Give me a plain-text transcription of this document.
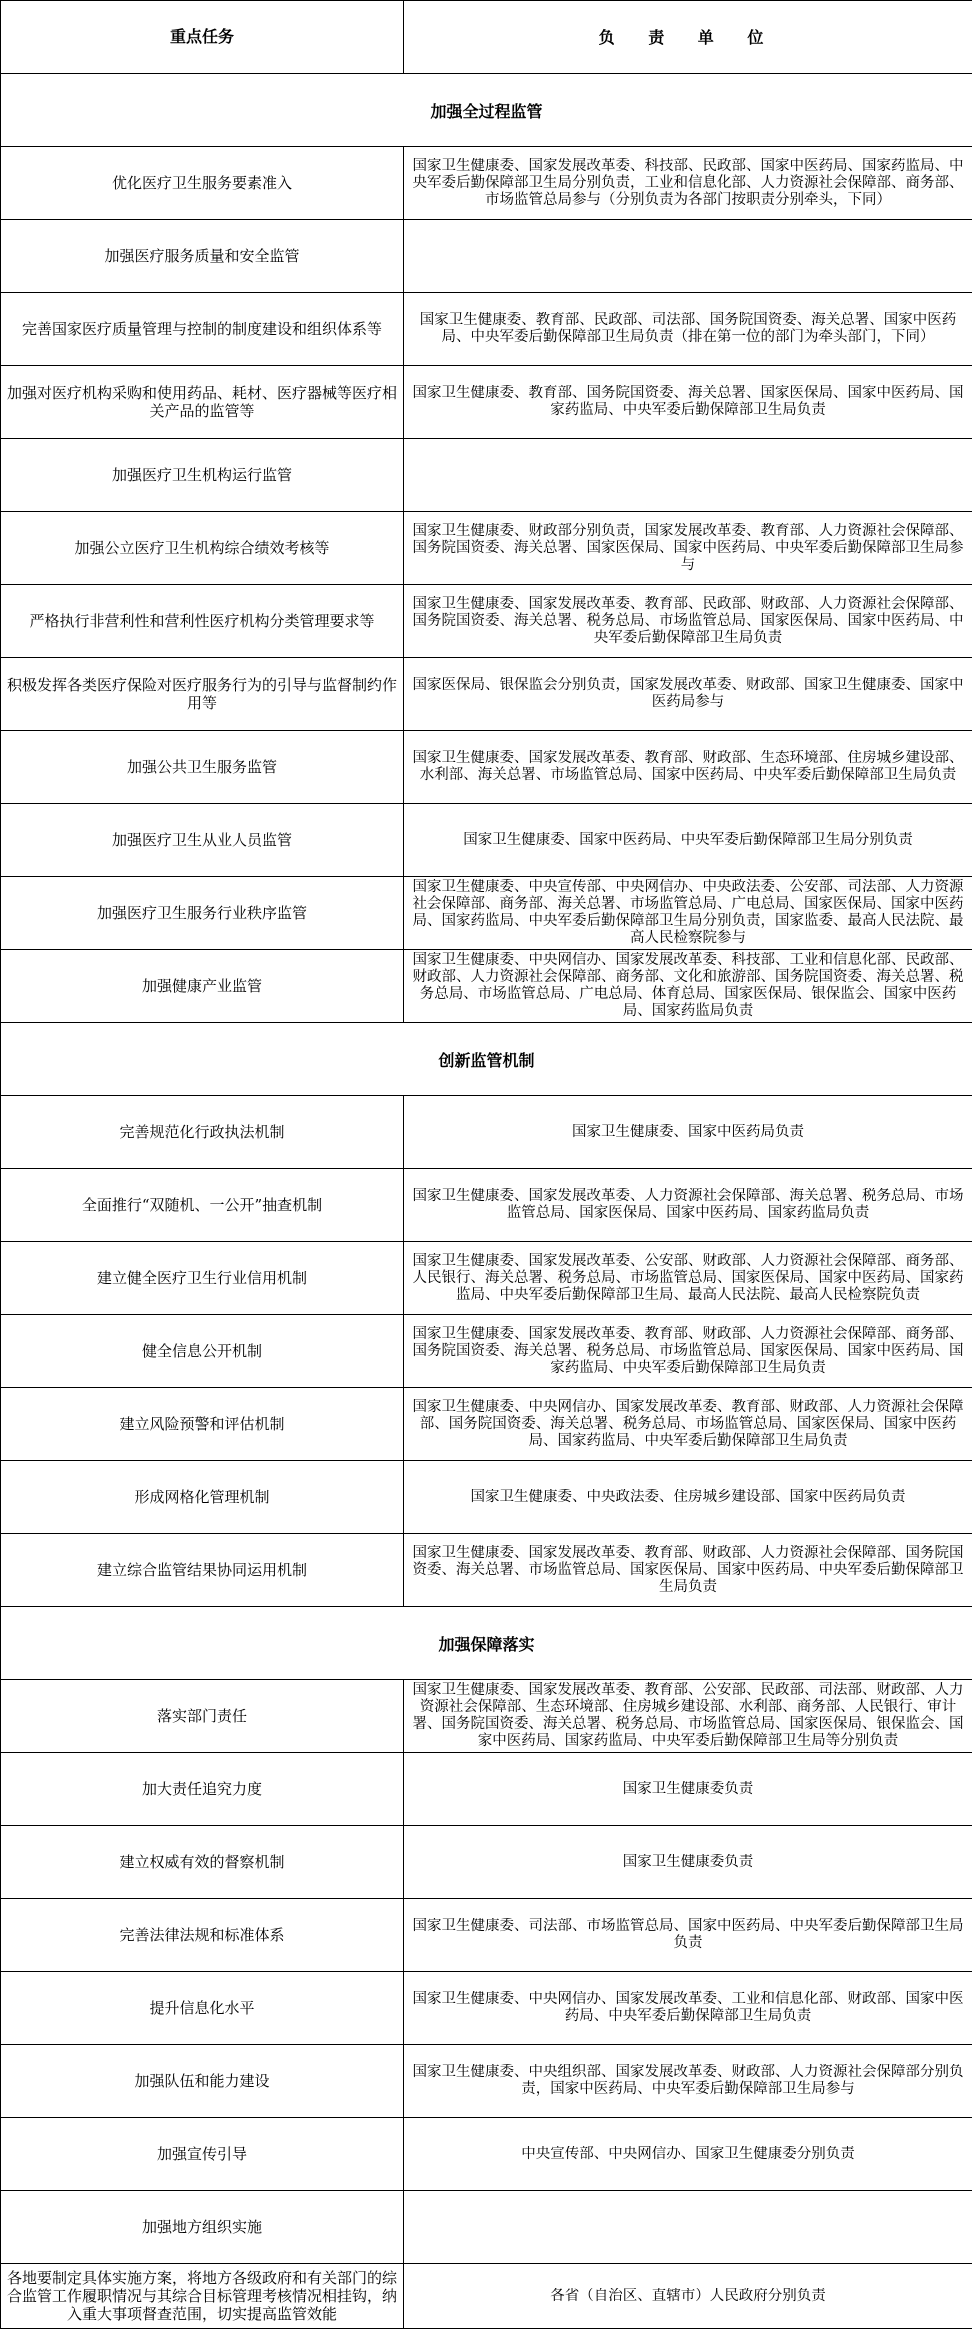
重点任务	负 责 单 位
加强全过程监管	
优化医疗卫生服务要素准入	国家卫生健康委、国家发展改革委、科技部、民政部、国家中医药局、国家药监局、中央军委后勤保障部卫生局分别负责，工业和信息化部、人力资源社会保障部、商务部、市场监管总局参与（分别负责为各部门按职责分别牵头，下同）

加强医疗服务质量和安全监管	

完善国家医疗质量管理与控制的制度建设和组织体系等	国家卫生健康委、教育部、民政部、司法部、国务院国资委、海关总署、国家中医药局、中央军委后勤保障部卫生局负责（排在第一位的部门为牵头部门，下同）

加强对医疗机构采购和使用药品、耗材、医疗器械等医疗相关产品的监管等	国家卫生健康委、教育部、国务院国资委、海关总署、国家医保局、国家中医药局、国家药监局、中央军委后勤保障部卫生局负责

加强医疗卫生机构运行监管	

加强公立医疗卫生机构综合绩效考核等	国家卫生健康委、财政部分别负责，国家发展改革委、教育部、人力资源社会保障部、国务院国资委、海关总署、国家医保局、国家中医药局、中央军委后勤保障部卫生局参与

严格执行非营利性和营利性医疗机构分类管理要求等	国家卫生健康委、国家发展改革委、教育部、民政部、财政部、人力资源社会保障部、国务院国资委、海关总署、税务总局、市场监管总局、国家医保局、国家中医药局、中央军委后勤保障部卫生局负责

积极发挥各类医疗保险对医疗服务行为的引导与监督制约作用等	国家医保局、银保监会分别负责，国家发展改革委、财政部、国家卫生健康委、国家中医药局参与

加强公共卫生服务监管	国家卫生健康委、国家发展改革委、教育部、财政部、生态环境部、住房城乡建设部、水利部、海关总署、市场监管总局、国家中医药局、中央军委后勤保障部卫生局负责

加强医疗卫生从业人员监管	国家卫生健康委、国家中医药局、中央军委后勤保障部卫生局分别负责

加强医疗卫生服务行业秩序监管	国家卫生健康委、中央宣传部、中央网信办、中央政法委、公安部、司法部、人力资源社会保障部、商务部、海关总署、市场监管总局、广电总局、国家医保局、国家中医药局、国家药监局、中央军委后勤保障部卫生局分别负责，国家监委、最高人民法院、最高人民检察院参与

加强健康产业监管	国家卫生健康委、中央网信办、国家发展改革委、科技部、工业和信息化部、民政部、财政部、人力资源社会保障部、商务部、文化和旅游部、国务院国资委、海关总署、税务总局、市场监管总局、广电总局、体育总局、国家医保局、银保监会、国家中医药局、国家药监局负责

创新监管机制	
完善规范化行政执法机制	国家卫生健康委、国家中医药局负责

全面推行“双随机、一公开”抽查机制	国家卫生健康委、国家发展改革委、人力资源社会保障部、海关总署、税务总局、市场监管总局、国家医保局、国家中医药局、国家药监局负责

建立健全医疗卫生行业信用机制	国家卫生健康委、国家发展改革委、公安部、财政部、人力资源社会保障部、商务部、人民银行、海关总署、税务总局、市场监管总局、国家医保局、国家中医药局、国家药监局、中央军委后勤保障部卫生局、最高人民法院、最高人民检察院负责

健全信息公开机制	国家卫生健康委、国家发展改革委、教育部、财政部、人力资源社会保障部、商务部、国务院国资委、海关总署、税务总局、市场监管总局、国家医保局、国家中医药局、国家药监局、中央军委后勤保障部卫生局负责

建立风险预警和评估机制	国家卫生健康委、中央网信办、国家发展改革委、教育部、财政部、人力资源社会保障部、国务院国资委、海关总署、税务总局、市场监管总局、国家医保局、国家中医药局、国家药监局、中央军委后勤保障部卫生局负责

形成网格化管理机制	国家卫生健康委、中央政法委、住房城乡建设部、国家中医药局负责

建立综合监管结果协同运用机制	国家卫生健康委、国家发展改革委、教育部、财政部、人力资源社会保障部、国务院国资委、海关总署、市场监管总局、国家医保局、国家中医药局、中央军委后勤保障部卫生局负责

加强保障落实	
落实部门责任	国家卫生健康委、国家发展改革委、教育部、公安部、民政部、司法部、财政部、人力资源社会保障部、生态环境部、住房城乡建设部、水利部、商务部、人民银行、审计署、国务院国资委、海关总署、税务总局、市场监管总局、国家医保局、银保监会、国家中医药局、国家药监局、中央军委后勤保障部卫生局等分别负责

加大责任追究力度	国家卫生健康委负责

建立权威有效的督察机制	国家卫生健康委负责

完善法律法规和标准体系	国家卫生健康委、司法部、市场监管总局、国家中医药局、中央军委后勤保障部卫生局负责

提升信息化水平	国家卫生健康委、中央网信办、国家发展改革委、工业和信息化部、财政部、国家中医药局、中央军委后勤保障部卫生局负责

加强队伍和能力建设	国家卫生健康委、中央组织部、国家发展改革委、财政部、人力资源社会保障部分别负责，国家中医药局、中央军委后勤保障部卫生局参与

加强宣传引导	中央宣传部、中央网信办、国家卫生健康委分别负责

加强地方组织实施	

各地要制定具体实施方案，将地方各级政府和有关部门的综合监管工作履职情况与其综合目标管理考核情况相挂钩，纳入重大事项督查范围，切实提高监管效能	各省（自治区、直辖市）人民政府分别负责
